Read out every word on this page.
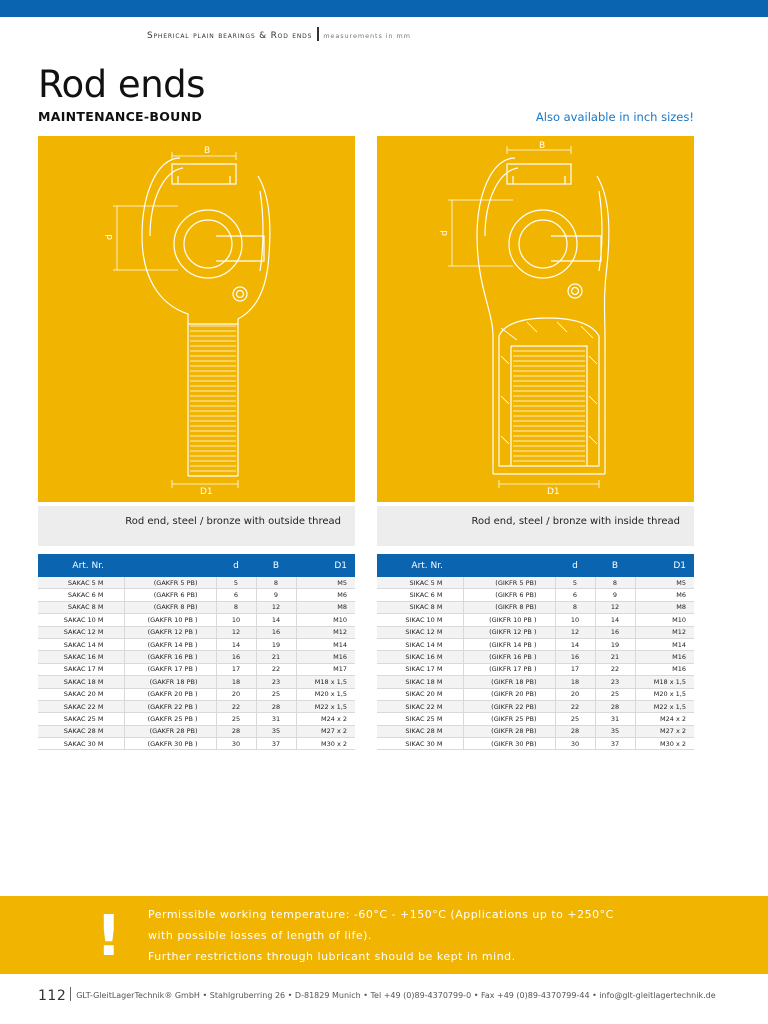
Spherical plain bearings & Rod ends measurements in mm
Rod ends
MAINTENANCE-BOUND	Also available in inch sizes!
B
d
D1
B
d
D1
Rod end, steel / bronze with outside thread	Rod end, steel / bronze with inside thread
Art. Nr.		d	B	D1
SAKAC 5 M	(GAKFR 5 PB)	5	8	M5
SAKAC 6 M	(GAKFR 6 PB)	6	9	M6
SAKAC 8 M	(GAKFR 8 PB)	8	12	M8
SAKAC 10 M	(GAKFR 10 PB )	10	14	M10
SAKAC 12 M	(GAKFR 12 PB )	12	16	M12
SAKAC 14 M	(GAKFR 14 PB )	14	19	M14
SAKAC 16 M	(GAKFR 16 PB )	16	21	M16
SAKAC 17 M	(GAKFR 17 PB )	17	22	M17
SAKAC 18 M	(GAKFR 18 PB)	18	23	M18 x 1,5
SAKAC 20 M	(GAKFR 20 PB )	20	25	M20 x 1,5
SAKAC 22 M	(GAKFR 22 PB )	22	28	M22 x 1,5
SAKAC 25 M	(GAKFR 25 PB )	25	31	M24 x 2
SAKAC 28 M	(GAKFR 28 PB)	28	35	M27 x 2
SAKAC 30 M	(GAKFR 30 PB )	30	37	M30 x 2
Art. Nr.		d	B	D1
SIKAC 5 M	(GIKFR 5 PB)	5	8	M5
SIKAC 6 M	(GIKFR 6 PB)	6	9	M6
SIKAC 8 M	(GIKFR 8 PB)	8	12	M8
SIKAC 10 M	(GIKFR 10 PB )	10	14	M10
SIKAC 12 M	(GIKFR 12 PB )	12	16	M12
SIKAC 14 M	(GIKFR 14 PB )	14	19	M14
SIKAC 16 M	(GIKFR 16 PB )	16	21	M16
SIKAC 17 M	(GIKFR 17 PB )	17	22	M16
SIKAC 18 M	(GIKFR 18 PB)	18	23	M18 x 1,5
SIKAC 20 M	(GIKFR 20 PB)	20	25	M20 x 1,5
SIKAC 22 M	(GIKFR 22 PB)	22	28	M22 x 1,5
SIKAC 25 M	(GIKFR 25 PB)	25	31	M24 x 2
SIKAC 28 M	(GIKFR 28 PB)	28	35	M27 x 2
SIKAC 30 M	(GIKFR 30 PB)	30	37	M30 x 2
! Permissible working temperature: -60°C - +150°C (Applications up to +250°C
with possible losses of length of life).
Further restrictions through lubricant should be kept in mind.
112 GLT-GleitLagerTechnik® GmbH • Stahlgruberring 26 • D-81829 Munich • Tel +49 (0)89-4370799-0 • Fax +49 (0)89-4370799-44 • info@glt-gleitlagertechnik.de
